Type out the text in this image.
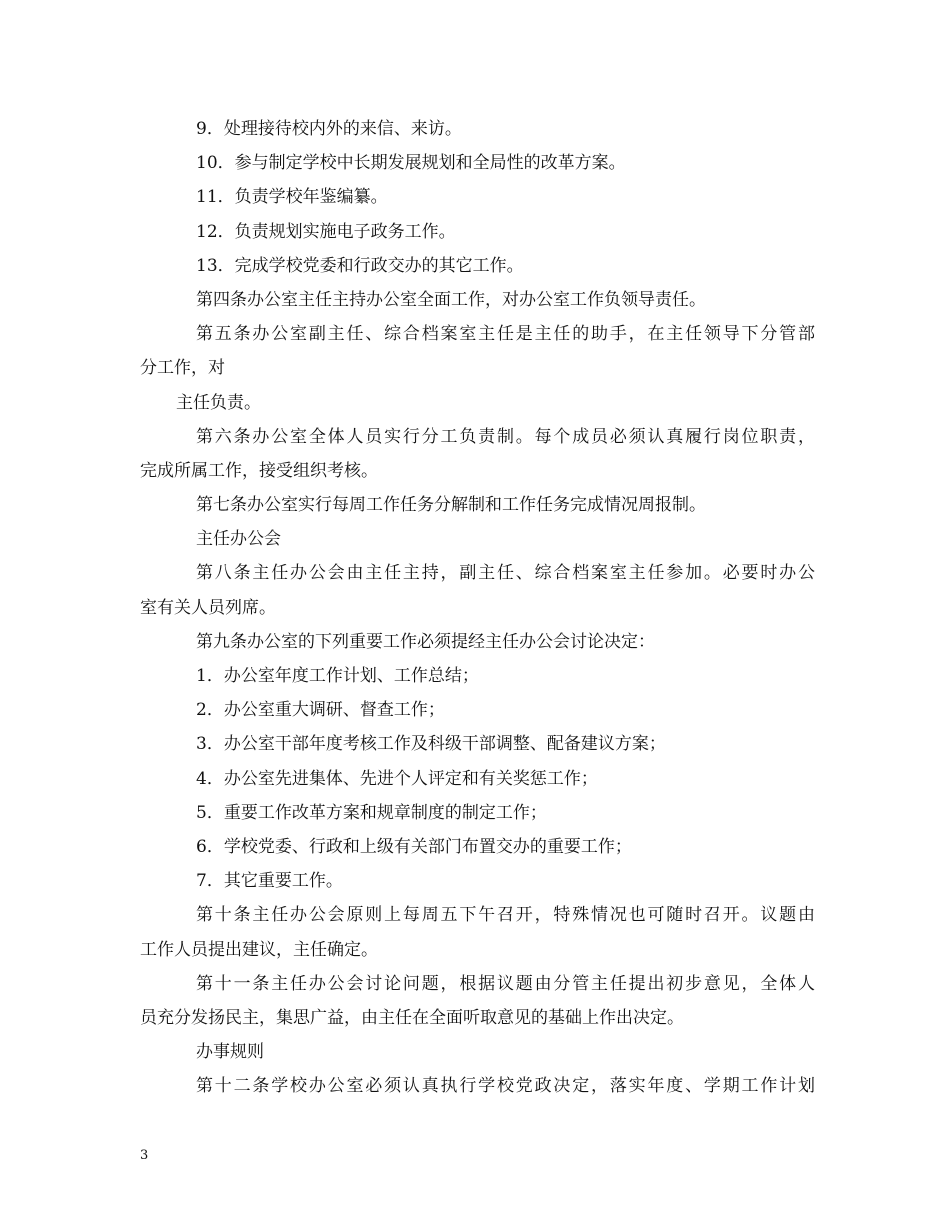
9．处理接待校内外的来信、来访。
10．参与制定学校中长期发展规划和全局性的改革方案。
11．负责学校年鉴编纂。
12．负责规划实施电子政务工作。
13．完成学校党委和行政交办的其它工作。
第四条办公室主任主持办公室全面工作，对办公室工作负领导责任。
第五条办公室副主任、综合档案室主任是主任的助手，在主任领导下分管部
分工作，对
主任负责。
第六条办公室全体人员实行分工负责制。每个成员必须认真履行岗位职责，
完成所属工作，接受组织考核。
第七条办公室实行每周工作任务分解制和工作任务完成情况周报制。
主任办公会
第八条主任办公会由主任主持，副主任、综合档案室主任参加。必要时办公
室有关人员列席。
第九条办公室的下列重要工作必须提经主任办公会讨论决定：
1．办公室年度工作计划、工作总结；
2．办公室重大调研、督查工作；
3．办公室干部年度考核工作及科级干部调整、配备建议方案；
4．办公室先进集体、先进个人评定和有关奖惩工作；
5．重要工作改革方案和规章制度的制定工作；
6．学校党委、行政和上级有关部门布置交办的重要工作；
7．其它重要工作。
第十条主任办公会原则上每周五下午召开，特殊情况也可随时召开。议题由
工作人员提出建议，主任确定。
第十一条主任办公会讨论问题，根据议题由分管主任提出初步意见，全体人
员充分发扬民主，集思广益，由主任在全面听取意见的基础上作出决定。
办事规则
第十二条学校办公室必须认真执行学校党政决定，落实年度、学期工作计划
3
